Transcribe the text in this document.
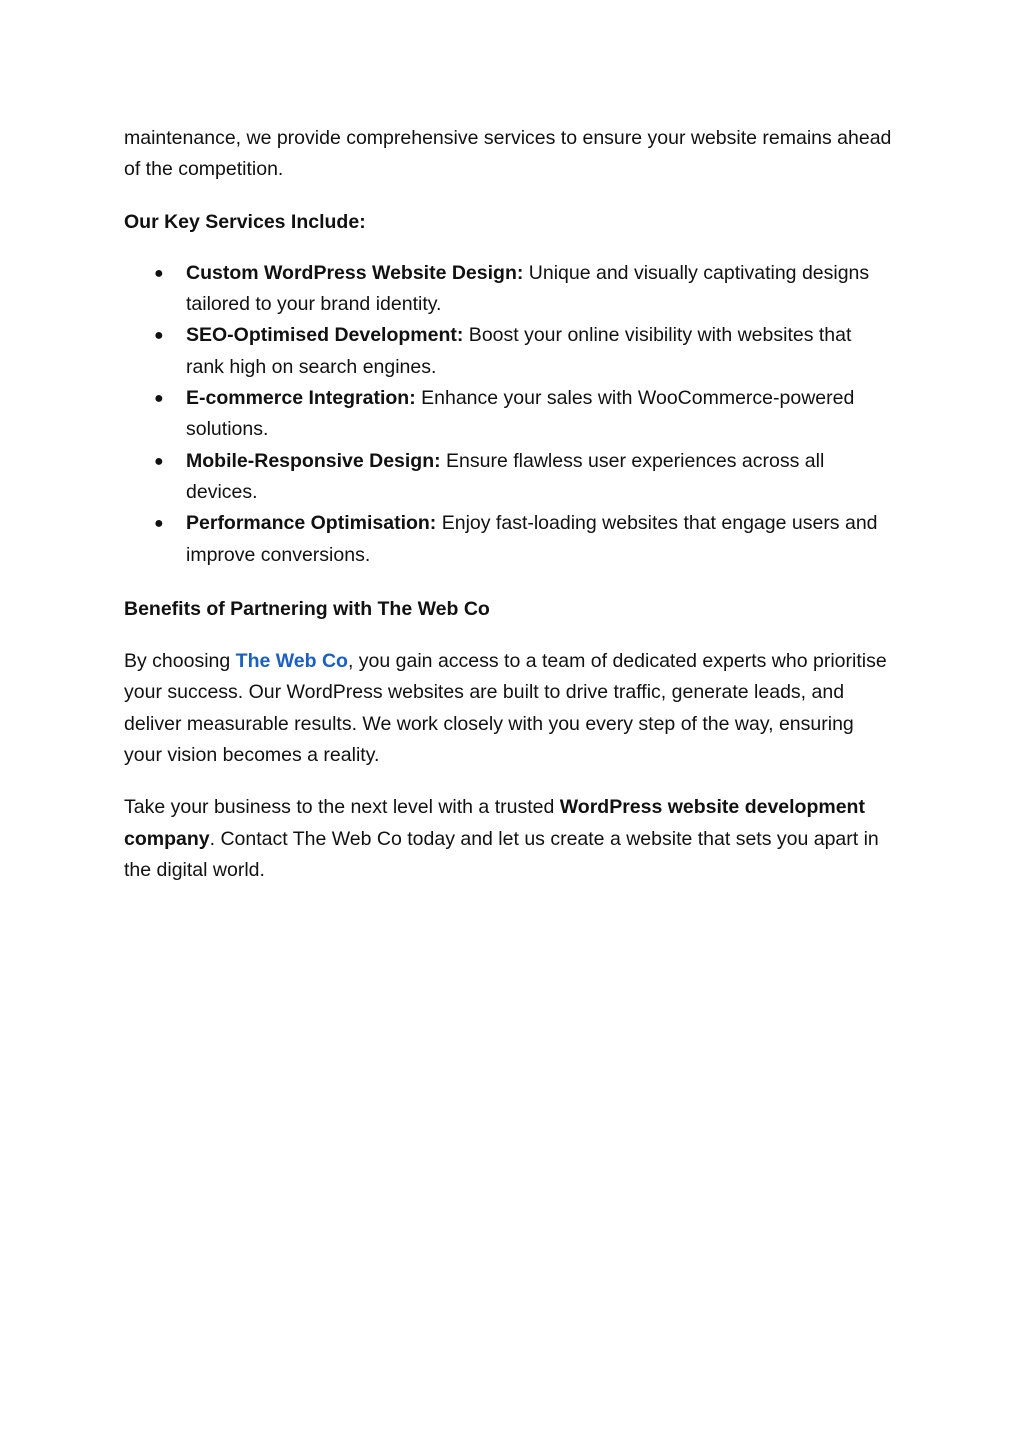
maintenance, we provide comprehensive services to ensure your website remains ahead of the competition.

Our Key Services Include:

● Custom WordPress Website Design: Unique and visually captivating designs tailored to your brand identity.
● SEO-Optimised Development: Boost your online visibility with websites that rank high on search engines.
● E-commerce Integration: Enhance your sales with WooCommerce-powered solutions.
● Mobile-Responsive Design: Ensure flawless user experiences across all devices.
● Performance Optimisation: Enjoy fast-loading websites that engage users and improve conversions.

Benefits of Partnering with The Web Co

By choosing The Web Co, you gain access to a team of dedicated experts who prioritise your success. Our WordPress websites are built to drive traffic, generate leads, and deliver measurable results. We work closely with you every step of the way, ensuring your vision becomes a reality.

Take your business to the next level with a trusted WordPress website development company. Contact The Web Co today and let us create a website that sets you apart in the digital world.
